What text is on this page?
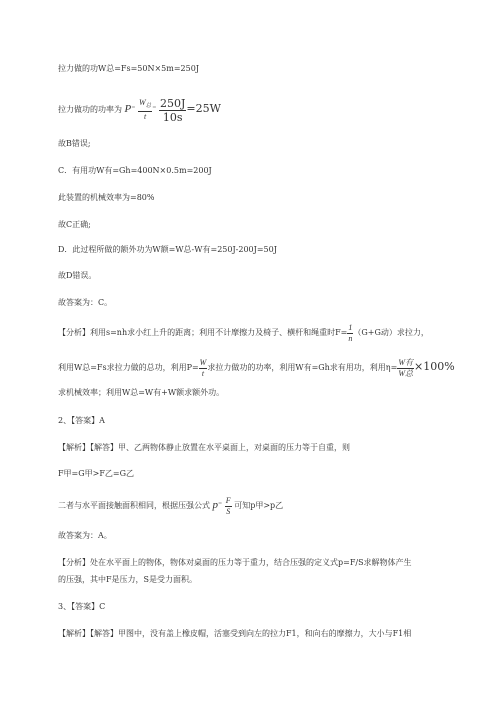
拉力做的功W总=Fs=50N×5m=250J
拉力做功的功率为 $P^= \frac{W_总}{t} ^= \frac{250J}{10s} =25W$
故B错误;
C．有用功W有=Gh=400N×0.5m=200J
此装置的机械效率为=80%
故C正确;
D．此过程所做的额外功为W额=W总-W有=250J-200J=50J
故D错误。
故答案为：C。
【分析】利用s=nh求小红上升的距离；利用不计摩擦力及椅子、横杆和绳重时$F= \frac{1}{n} (G+G$动）求拉力，
利用W总=Fs求拉力做的总功，利用$P= \frac{W}{t}$ 求拉力做功的功率，利用W有=Gh求有用功，利用$\eta= \frac{\text{W有}}{\text{W总}} \times 100\%$
求机械效率；利用W总=W有+W额求额外功。
2、【答案】A
【解析】【解答】甲、乙两物体静止放置在水平桌面上，对桌面的压力等于自重，则
F甲=G甲>F乙=G乙
二者与水平面接触面积相同，根据压强公式 $p^= \frac{F}{S}$ 可知p甲>p乙
故答案为：A。
【分析】处在水平面上的物体，物体对桌面的压力等于重力，结合压强的定义式p=F/S求解物体产生
的压强，其中F是压力，S是受力面积。
3、【答案】C
【解析】【解答】甲图中，没有盖上橡皮帽，活塞受到向左的拉力F1，和向右的摩擦力，大小与F1相
